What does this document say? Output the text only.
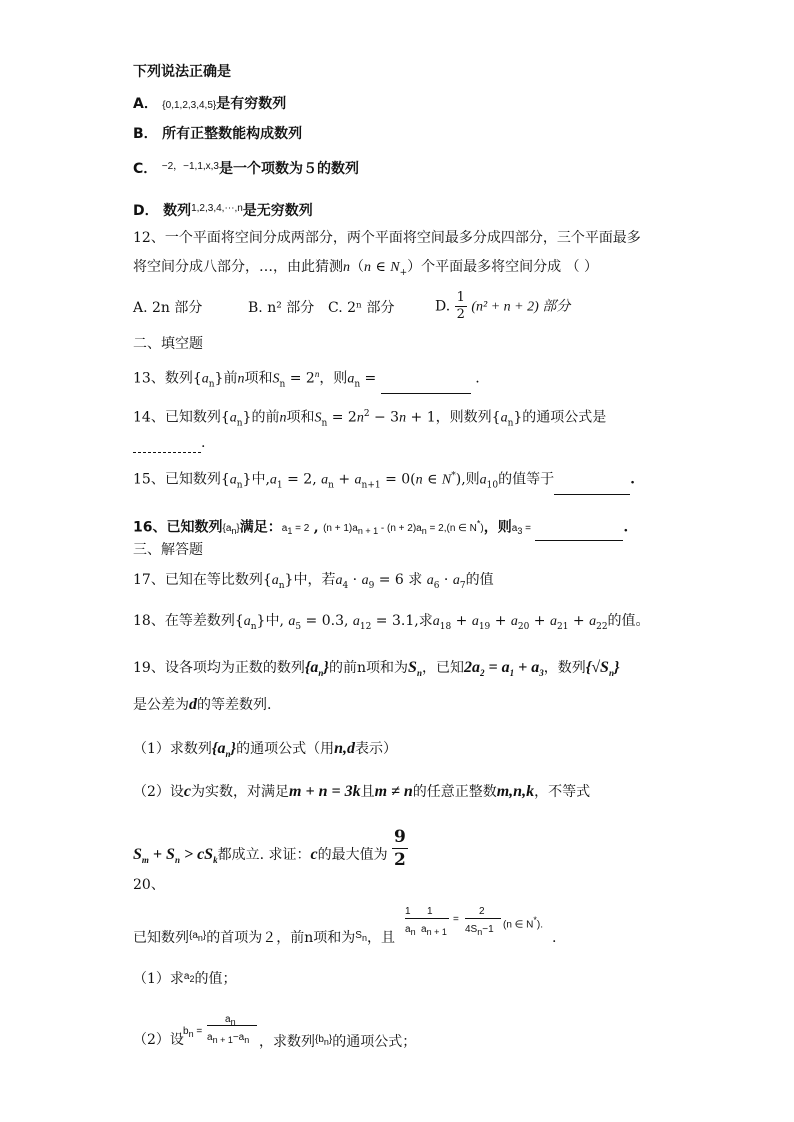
下列说法正确是
A． {0,1,2,3,4,5}是有穷数列
B． 所有正整数能构成数列
C． $^{-2,-1,1,x,3}$是一个项数为５的数列
D． 数列$^{1,2,3,4,\cdots,n}$是无穷数列
12、一个平面将空间分成两部分，两个平面将空间最多分成四部分，三个平面最多
将空间分成八部分，…，由此猜测n（n ∈ $N_+$）个平面最多将空间分成 （ ）
A. 2n 部分	B. n² 部分 C. 2ⁿ 部分	D. $\frac{1}{2} (n^2 + n + 2)$ 部分
二、填空题
13、数列$\{a_n\}$前n项和$S_n = 2^n$，则$a_n$ =	.
14、已知数列$\{a_n\}$的前n项和$S_n = 2n^2 - 3n + 1$，则数列$\{a_n\}$的通项公式是
.
15、已知数列$\{a_n\}$中$,a_1 = 2$, $a_n + a_{n+1} = 0(n$ ∈ N*),则$a_{10}$的值等于	.
16、已知数列$\{a_n\}$满足：$a_1 = 2$ , $(n + 1)a_{n + 1} - (n + 2)a_n = 2,(n$ ∈ N*)，则$a_3$ =	.
三、解答题
17、已知在等比数列$\{a_n\}$中，若$a_4 \cdot a_9 = 6$ 求 $a_6 \cdot a_7$的值
18、在等差数列$\{a_n\}$中, $a_5 = 0.3$, $a_{12} = 3.1$,求$a_{18} + a_{19} + a_{20} + a_{21} + a_{22}$的值。
19、设各项均为正数的数列$\{a_n\}$的前n项和为$S_n$，已知$2a_2 = a_1 + a_3$，数列$\{√S_n\}$
是公差为d的等差数列.
（1）求数列$\{a_n\}$的通项公式（用n,d表示）
（2）设c为实数，对满足m + n = 3k且m ≠ n的任意正整数m,n,k，不等式
$S_m + S_n > cS_k$都成立. 求证：c的最大值为 $\frac{9}{2}$
20、
已知数列$^{\{a_n\}}$的首项为２，前n项和为$^{S_n}$，且
1 1
$a_n$ $a_{n + 1}$
=
2
$4S_n-1$ (n ∈ N*).
.
（1）求$^{a_2}$的值；
（2）设
$b_n$ =
$a_n$
$a_{n + 1}-a_n$ ，求数列$^{\{b_n\}}$的通项公式；
